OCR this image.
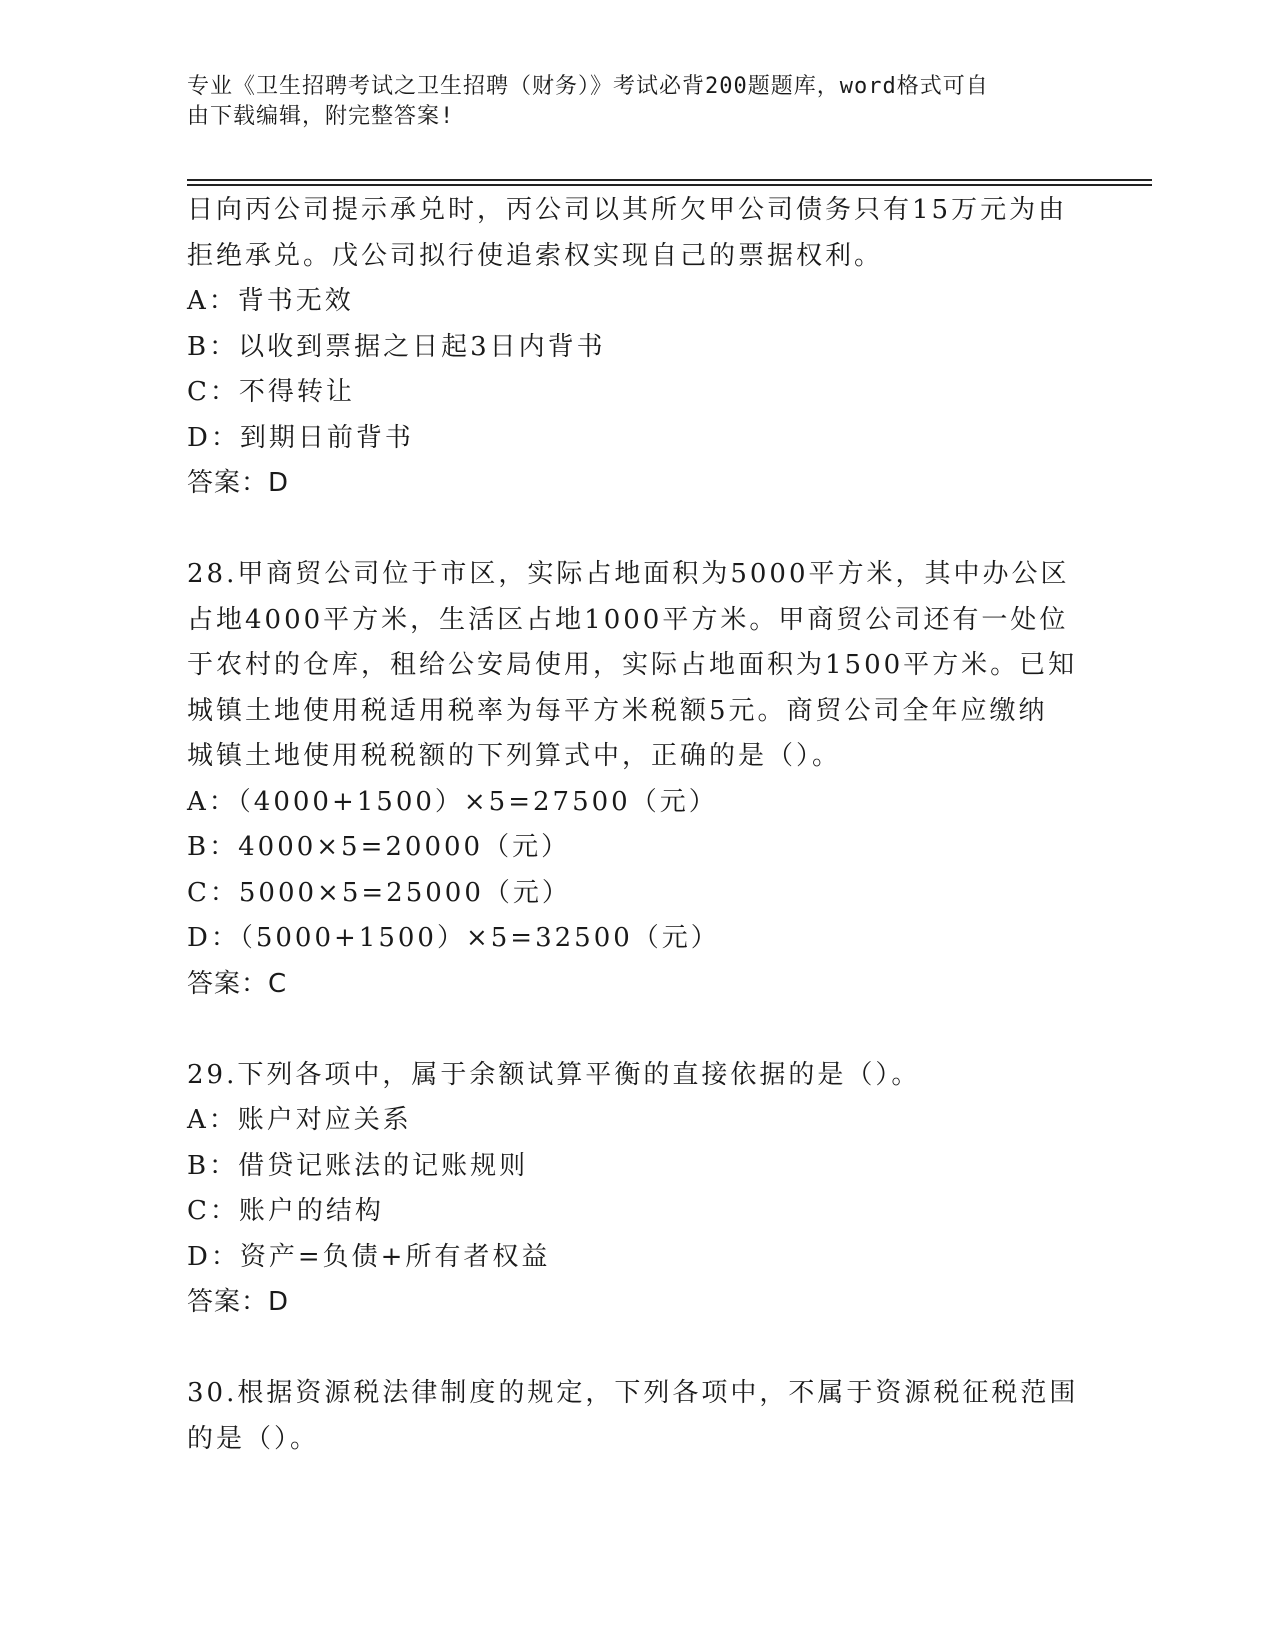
专业《卫生招聘考试之卫生招聘（财务）》考试必背200题题库，word格式可自
由下载编辑，附完整答案!
日向丙公司提示承兑时，丙公司以其所欠甲公司债务只有15万元为由
拒绝承兑。戊公司拟行使追索权实现自己的票据权利。
A：背书无效
B：以收到票据之日起3日内背书
C：不得转让
D：到期日前背书
答案：D
28.甲商贸公司位于市区，实际占地面积为5000平方米，其中办公区
占地4000平方米，生活区占地1000平方米。甲商贸公司还有一处位
于农村的仓库，租给公安局使用，实际占地面积为1500平方米。已知
城镇土地使用税适用税率为每平方米税额5元。商贸公司全年应缴纳
城镇土地使用税税额的下列算式中，正确的是（）。
A：（4000+1500）×5=27500（元）
B：4000×5=20000（元）
C：5000×5=25000（元）
D：（5000+1500）×5=32500（元）
答案：C
29.下列各项中，属于余额试算平衡的直接依据的是（）。
A：账户对应关系
B：借贷记账法的记账规则
C：账户的结构
D：资产=负债+所有者权益
答案：D
30.根据资源税法律制度的规定，下列各项中，不属于资源税征税范围
的是（）。
